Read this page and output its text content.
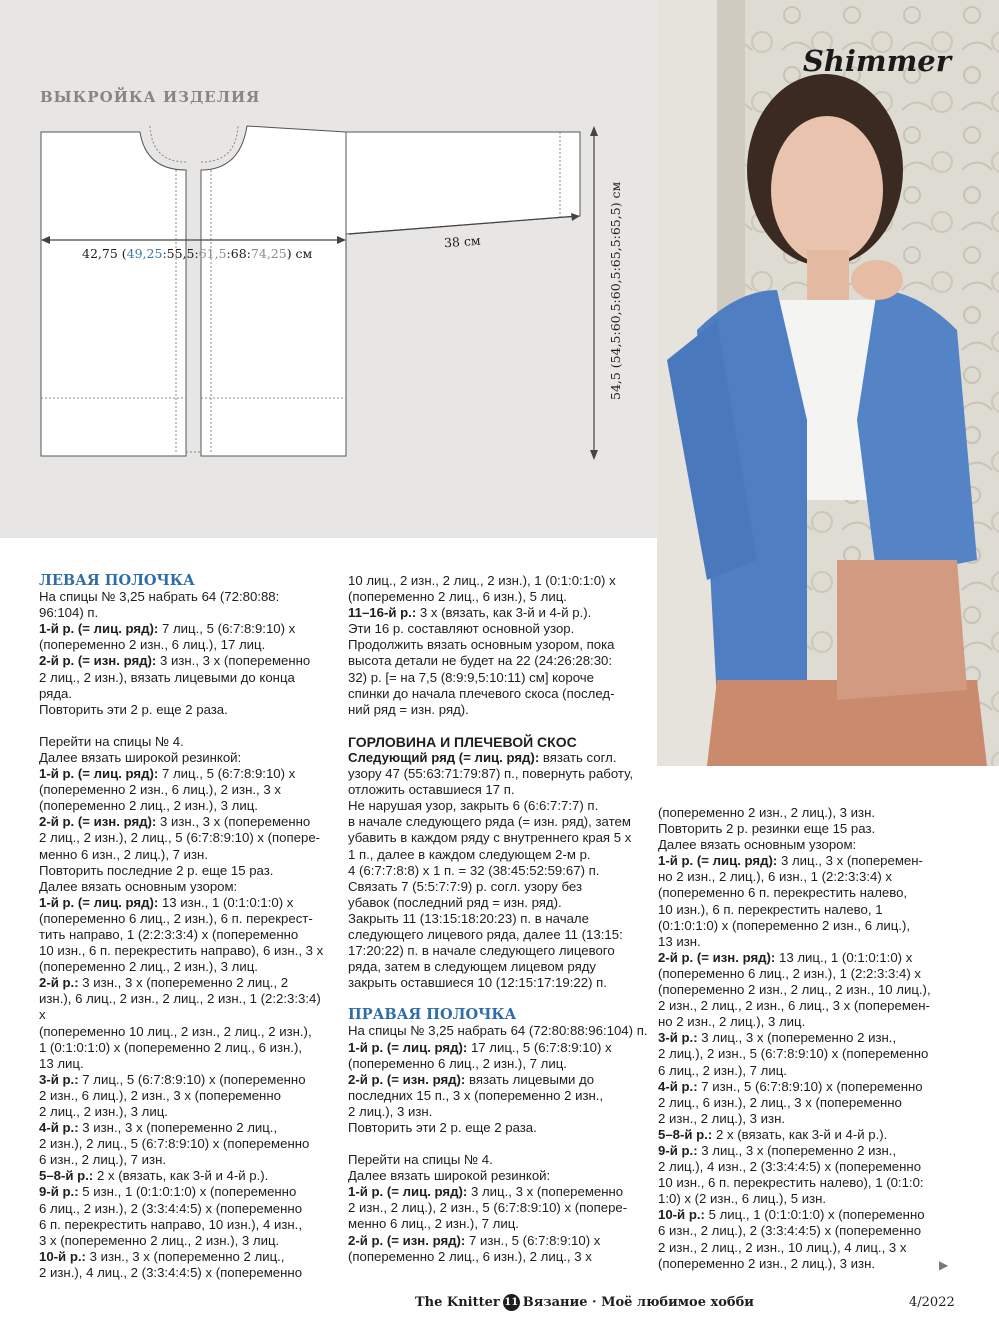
ВЫКРОЙКА ИЗДЕЛИЯ
42,75 (49,25:55,5:61,5:68:74,25) см
38 см	54,5 (54,5:60,5:60,5:65,5:65,5) см
Shimmer

ЛЕВАЯ ПОЛОЧКА

На спицы № 3,25 набрать 64 (72:80:88:

96:104) п.

1-й р. (= лиц. ряд): 7 лиц., 5 (6:7:8:9:10) х

(попеременно 2 изн., 6 лиц.), 17 лиц.

2-й р. (= изн. ряд): 3 изн., 3 х (попеременно

2 лиц., 2 изн.), вязать лицевыми до конца

ряда.

Повторить эти 2 р. еще 2 раза.

Перейти на спицы № 4.

Далее вязать широкой резинкой:

1-й р. (= лиц. ряд): 7 лиц., 5 (6:7:8:9:10) х

(попеременно 2 изн., 6 лиц.), 2 изн., 3 х

(попеременно 2 лиц., 2 изн.), 3 лиц.

2-й р. (= изн. ряд): 3 изн., 3 х (попеременно

2 лиц., 2 изн.), 2 лиц., 5 (6:7:8:9:10) х (попере-

менно 6 изн., 2 лиц.), 7 изн.

Повторить последние 2 р. еще 15 раз.

Далее вязать основным узором:

1-й р. (= лиц. ряд): 13 изн., 1 (0:1:0:1:0) х

(попеременно 6 лиц., 2 изн.), 6 п. перекрест-

тить направо, 1 (2:2:3:3:4) х (попеременно

10 изн., 6 п. перекрестить направо), 6 изн., 3 х

(попеременно 2 лиц., 2 изн.), 3 лиц.

2-й р.: 3 изн., 3 х (попеременно 2 лиц., 2

изн.), 6 лиц., 2 изн., 2 лиц., 2 изн., 1 (2:2:3:3:4) х

(попеременно 10 лиц., 2 изн., 2 лиц., 2 изн.),

1 (0:1:0:1:0) х (попеременно 2 лиц., 6 изн.),

13 лиц.

3-й р.: 7 лиц., 5 (6:7:8:9:10) х (попеременно

2 изн., 6 лиц.), 2 изн., 3 х (попеременно

2 лиц., 2 изн.), 3 лиц.

4-й р.: 3 изн., 3 х (попеременно 2 лиц.,

2 изн.), 2 лиц., 5 (6:7:8:9:10) х (попеременно

6 изн., 2 лиц.), 7 изн.

5–8-й р.: 2 х (вязать, как 3-й и 4-й р.).

9-й р.: 5 изн., 1 (0:1:0:1:0) х (попеременно

6 лиц., 2 изн.), 2 (3:3:4:4:5) х (попеременно

6 п. перекрестить направо, 10 изн.), 4 изн.,

3 х (попеременно 2 лиц., 2 изн.), 3 лиц.

10-й р.: 3 изн., 3 х (попеременно 2 лиц.,

2 изн.), 4 лиц., 2 (3:3:4:4:5) х (попеременно

10 лиц., 2 изн., 2 лиц., 2 изн.), 1 (0:1:0:1:0) х

(попеременно 2 лиц., 6 изн.), 5 лиц.

11–16-й р.: 3 х (вязать, как 3-й и 4-й р.).

Эти 16 р. составляют основной узор.

Продолжить вязать основным узором, пока

высота детали не будет на 22 (24:26:28:30:

32) р. [= на 7,5 (8:9:9,5:10:11) см] короче

спинки до начала плечевого скоса (послед-

ний ряд = изн. ряд).

ГОРЛОВИНА И ПЛЕЧЕВОЙ СКОС

Следующий ряд (= лиц. ряд): вязать согл.

узору 47 (55:63:71:79:87) п., повернуть работу,

отложить оставшиеся 17 п.

Не нарушая узор, закрыть 6 (6:6:7:7:7) п.

в начале следующего ряда (= изн. ряд), затем

убавить в каждом ряду с внутреннего края 5 х

1 п., далее в каждом следующем 2-м р.

4 (6:7:7:8:8) х 1 п. = 32 (38:45:52:59:67) п.

Связать 7 (5:5:7:7:9) р. согл. узору без

убавок (последний ряд = изн. ряд).

Закрыть 11 (13:15:18:20:23) п. в начале

следующего лицевого ряда, далее 11 (13:15:

17:20:22) п. в начале следующего лицевого

ряда, затем в следующем лицевом ряду

закрыть оставшиеся 10 (12:15:17:19:22) п.

ПРАВАЯ ПОЛОЧКА

На спицы № 3,25 набрать 64 (72:80:88:96:104) п.

1-й р. (= лиц. ряд): 17 лиц., 5 (6:7:8:9:10) х

(попеременно 6 лиц., 2 изн.), 7 лиц.

2-й р. (= изн. ряд): вязать лицевыми до

последних 15 п., 3 х (попеременно 2 изн.,

2 лиц.), 3 изн.

Повторить эти 2 р. еще 2 раза.

Перейти на спицы № 4.

Далее вязать широкой резинкой:

1-й р. (= лиц. ряд): 3 лиц., 3 х (попеременно

2 изн., 2 лиц.), 2 изн., 5 (6:7:8:9:10) х (попере-

менно 6 лиц., 2 изн.), 7 лиц.

2-й р. (= изн. ряд): 7 изн., 5 (6:7:8:9:10) х

(попеременно 2 лиц., 6 изн.), 2 лиц., 3 х

(попеременно 2 изн., 2 лиц.), 3 изн.

Повторить 2 р. резинки еще 15 раз.

Далее вязать основным узором:

1-й р. (= лиц. ряд): 3 лиц., 3 х (поперемен-

но 2 изн., 2 лиц.), 6 изн., 1 (2:2:3:3:4) х

(попеременно 6 п. перекрестить налево,

10 изн.), 6 п. перекрестить налево, 1

(0:1:0:1:0) х (попеременно 2 изн., 6 лиц.),

13 изн.

2-й р. (= изн. ряд): 13 лиц., 1 (0:1:0:1:0) х

(попеременно 6 лиц., 2 изн.), 1 (2:2:3:3:4) х

(попеременно 2 изн., 2 лиц., 2 изн., 10 лиц.),

2 изн., 2 лиц., 2 изн., 6 лиц., 3 х (поперемен-

но 2 изн., 2 лиц.), 3 лиц.

3-й р.: 3 лиц., 3 х (попеременно 2 изн.,

2 лиц.), 2 изн., 5 (6:7:8:9:10) х (попеременно

6 лиц., 2 изн.), 7 лиц.

4-й р.: 7 изн., 5 (6:7:8:9:10) х (попеременно

2 лиц., 6 изн.), 2 лиц., 3 х (попеременно

2 изн., 2 лиц.), 3 изн.

5–8-й р.: 2 х (вязать, как 3-й и 4-й р.).

9-й р.: 3 лиц., 3 х (попеременно 2 изн.,

2 лиц.), 4 изн., 2 (3:3:4:4:5) х (попеременно

10 изн., 6 п. перекрестить налево), 1 (0:1:0:

1:0) х (2 изн., 6 лиц.), 5 изн.

10-й р.: 5 лиц., 1 (0:1:0:1:0) х (попеременно

6 изн., 2 лиц.), 2 (3:3:4:4:5) х (попеременно

2 изн., 2 лиц., 2 изн., 10 лиц.), 4 лиц., 3 х

(попеременно 2 изн., 2 лиц.), 3 изн.	▶
The Knitter 11 Вязание · Моё любимое хобби	4/2022
